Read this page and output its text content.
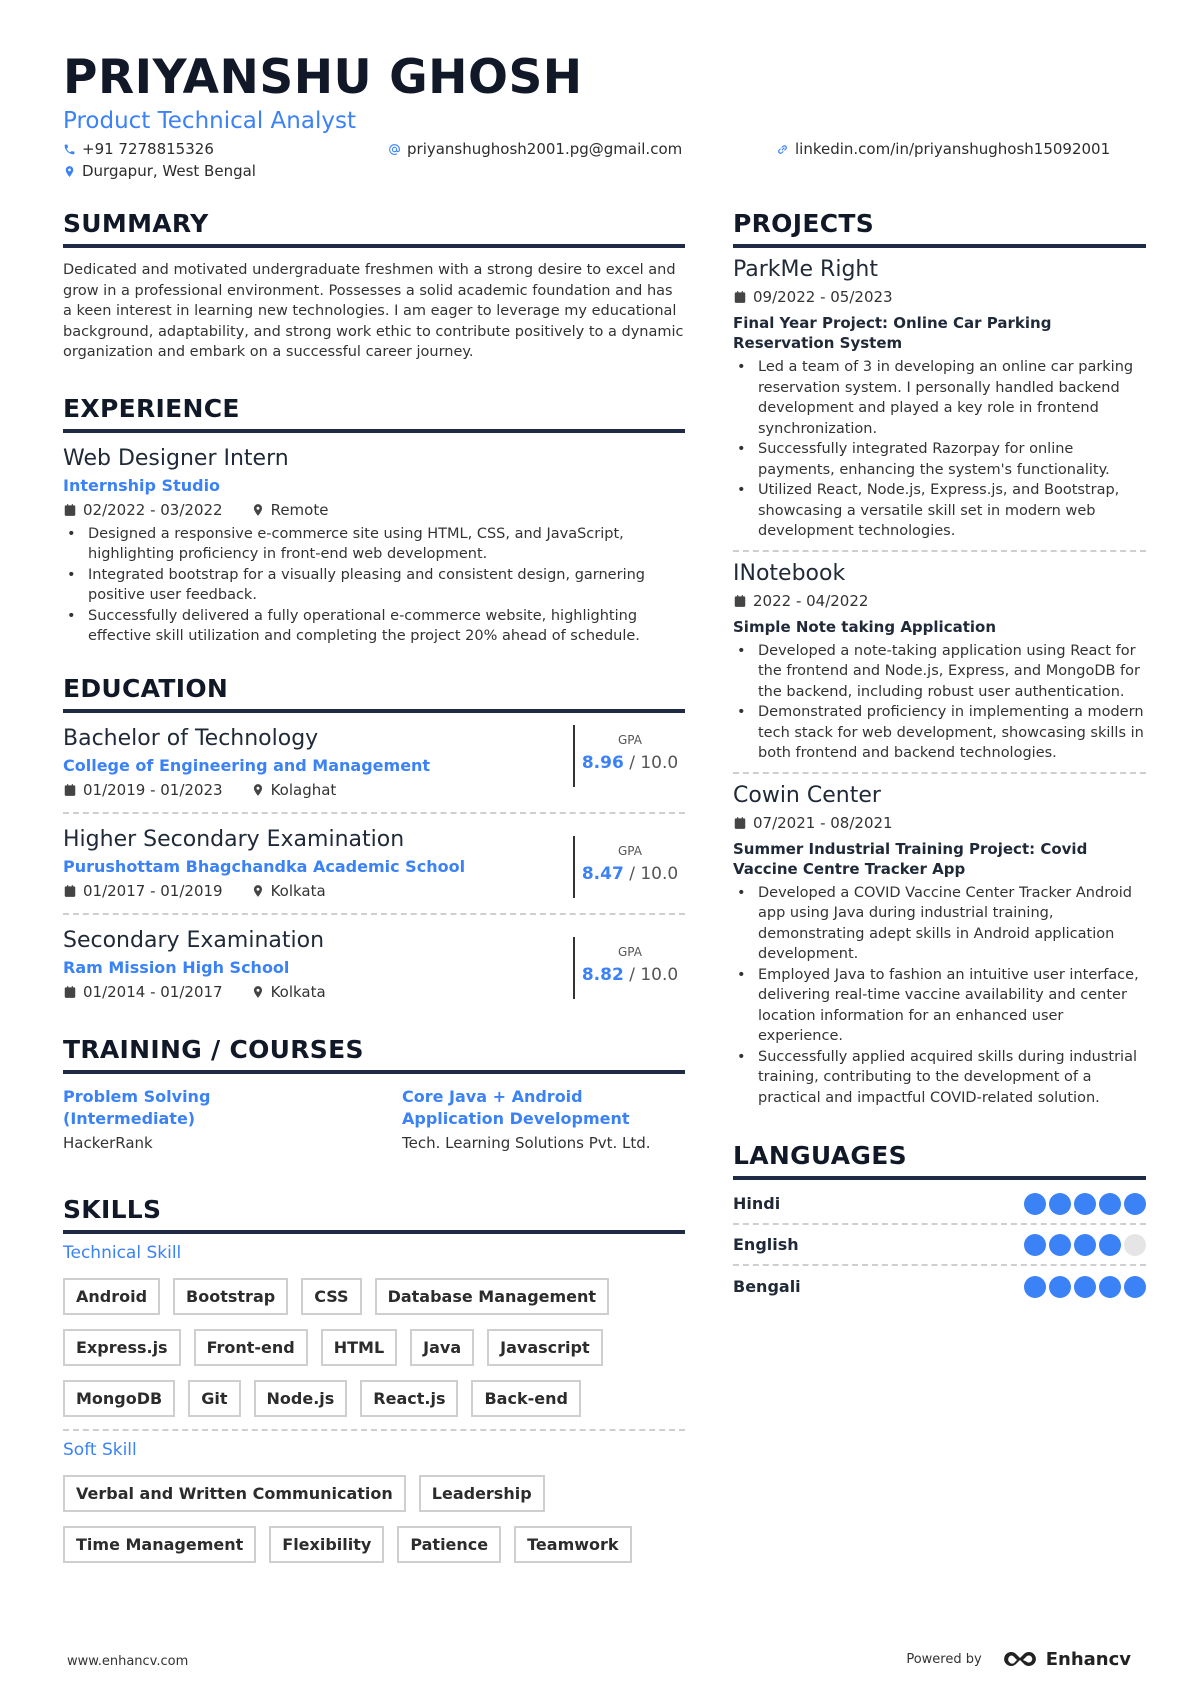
PRIYANSHU GHOSH
Product Technical Analyst
+91 7278815326	priyanshughosh2001.pg@gmail.com	linkedin.com/in/priyanshughosh15092001
Durgapur, West Bengal
SUMMARY
Dedicated and motivated undergraduate freshmen with a strong desire to excel and grow in a professional environment. Possesses a solid academic foundation and has a keen interest in learning new technologies. I am eager to leverage my educational background, adaptability, and strong work ethic to contribute positively to a dynamic organization and embark on a successful career journey.
EXPERIENCE
Web Designer Intern
Internship Studio
02/2022 - 03/2022	Remote
• Designed a responsive e-commerce site using HTML, CSS, and JavaScript, highlighting proficiency in front-end web development.
• Integrated bootstrap for a visually pleasing and consistent design, garnering positive user feedback.
• Successfully delivered a fully operational e-commerce website, highlighting effective skill utilization and completing the project 20% ahead of schedule.
EDUCATION
Bachelor of Technology
College of Engineering and Management
01/2019 - 01/2023	Kolaghat
GPA
8.96 / 10.0
Higher Secondary Examination
Purushottam Bhagchandka Academic School
01/2017 - 01/2019	Kolkata
GPA
8.47 / 10.0
Secondary Examination
Ram Mission High School
01/2014 - 01/2017	Kolkata
GPA
8.82 / 10.0
TRAINING / COURSES
Problem Solving (Intermediate)
HackerRank
Core Java + Android Application Development
Tech. Learning Solutions Pvt. Ltd.
SKILLS
Technical Skill
Android	Bootstrap	CSS	Database Management
Express.js	Front-end	HTML	Java	Javascript
MongoDB	Git	Node.js	React.js	Back-end
Soft Skill
Verbal and Written Communication	Leadership
Time Management	Flexibility	Patience	Teamwork
PROJECTS
ParkMe Right
09/2022 - 05/2023
Final Year Project: Online Car Parking Reservation System
• Led a team of 3 in developing an online car parking reservation system. I personally handled backend development and played a key role in frontend synchronization.
• Successfully integrated Razorpay for online payments, enhancing the system's functionality.
• Utilized React, Node.js, Express.js, and Bootstrap, showcasing a versatile skill set in modern web development technologies.
INotebook
2022 - 04/2022
Simple Note taking Application
• Developed a note-taking application using React for the frontend and Node.js, Express, and MongoDB for the backend, including robust user authentication.
• Demonstrated proficiency in implementing a modern tech stack for web development, showcasing skills in both frontend and backend technologies.
Cowin Center
07/2021 - 08/2021
Summer Industrial Training Project: Covid Vaccine Centre Tracker App
• Developed a COVID Vaccine Center Tracker Android app using Java during industrial training, demonstrating adept skills in Android application development.
• Employed Java to fashion an intuitive user interface, delivering real-time vaccine availability and center location information for an enhanced user experience.
• Successfully applied acquired skills during industrial training, contributing to the development of a practical and impactful COVID-related solution.
LANGUAGES
Hindi
English
Bengali
www.enhancv.com	Powered by	Enhancv
